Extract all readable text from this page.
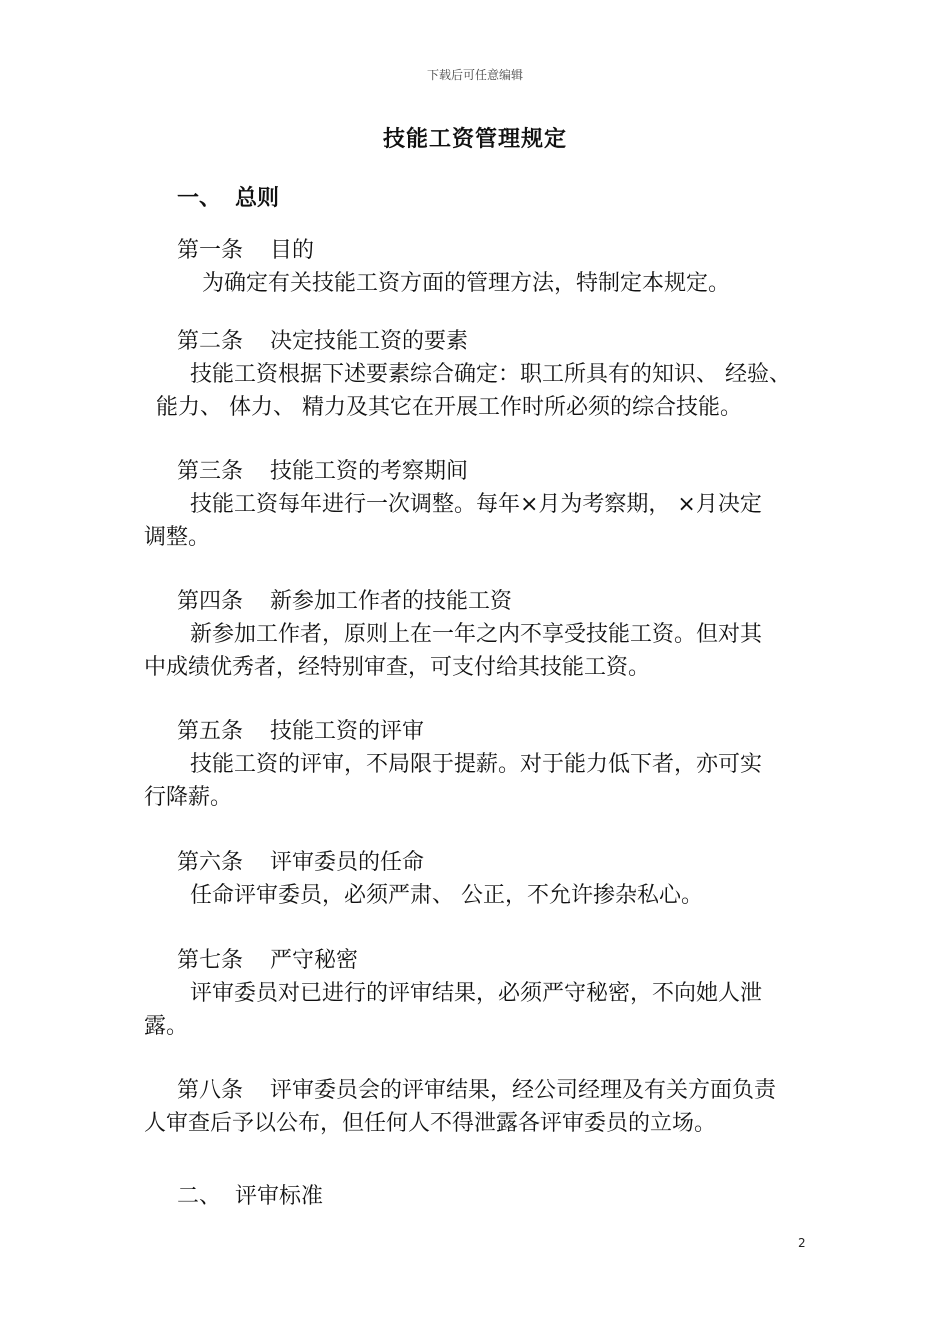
下载后可任意编辑
技能工资管理规定
一、 总则
第一条 目的
为确定有关技能工资方面的管理方法，特制定本规定。
第二条 决定技能工资的要素
技能工资根据下述要素综合确定：职工所具有的知识、 经验、
能力、 体力、 精力及其它在开展工作时所必须的综合技能。
第三条 技能工资的考察期间
技能工资每年进行一次调整。每年×月为考察期， ×月决定
调整。
第四条 新参加工作者的技能工资
新参加工作者，原则上在一年之内不享受技能工资。但对其
中成绩优秀者，经特别审查，可支付给其技能工资。
第五条 技能工资的评审
技能工资的评审，不局限于提薪。对于能力低下者，亦可实
行降薪。
第六条 评审委员的任命
任命评审委员，必须严肃、 公正，不允许掺杂私心。
第七条 严守秘密
评审委员对已进行的评审结果，必须严守秘密，不向她人泄
露。
第八条 评审委员会的评审结果，经公司经理及有关方面负责
人审查后予以公布，但任何人不得泄露各评审委员的立场。
二、 评审标准
2
